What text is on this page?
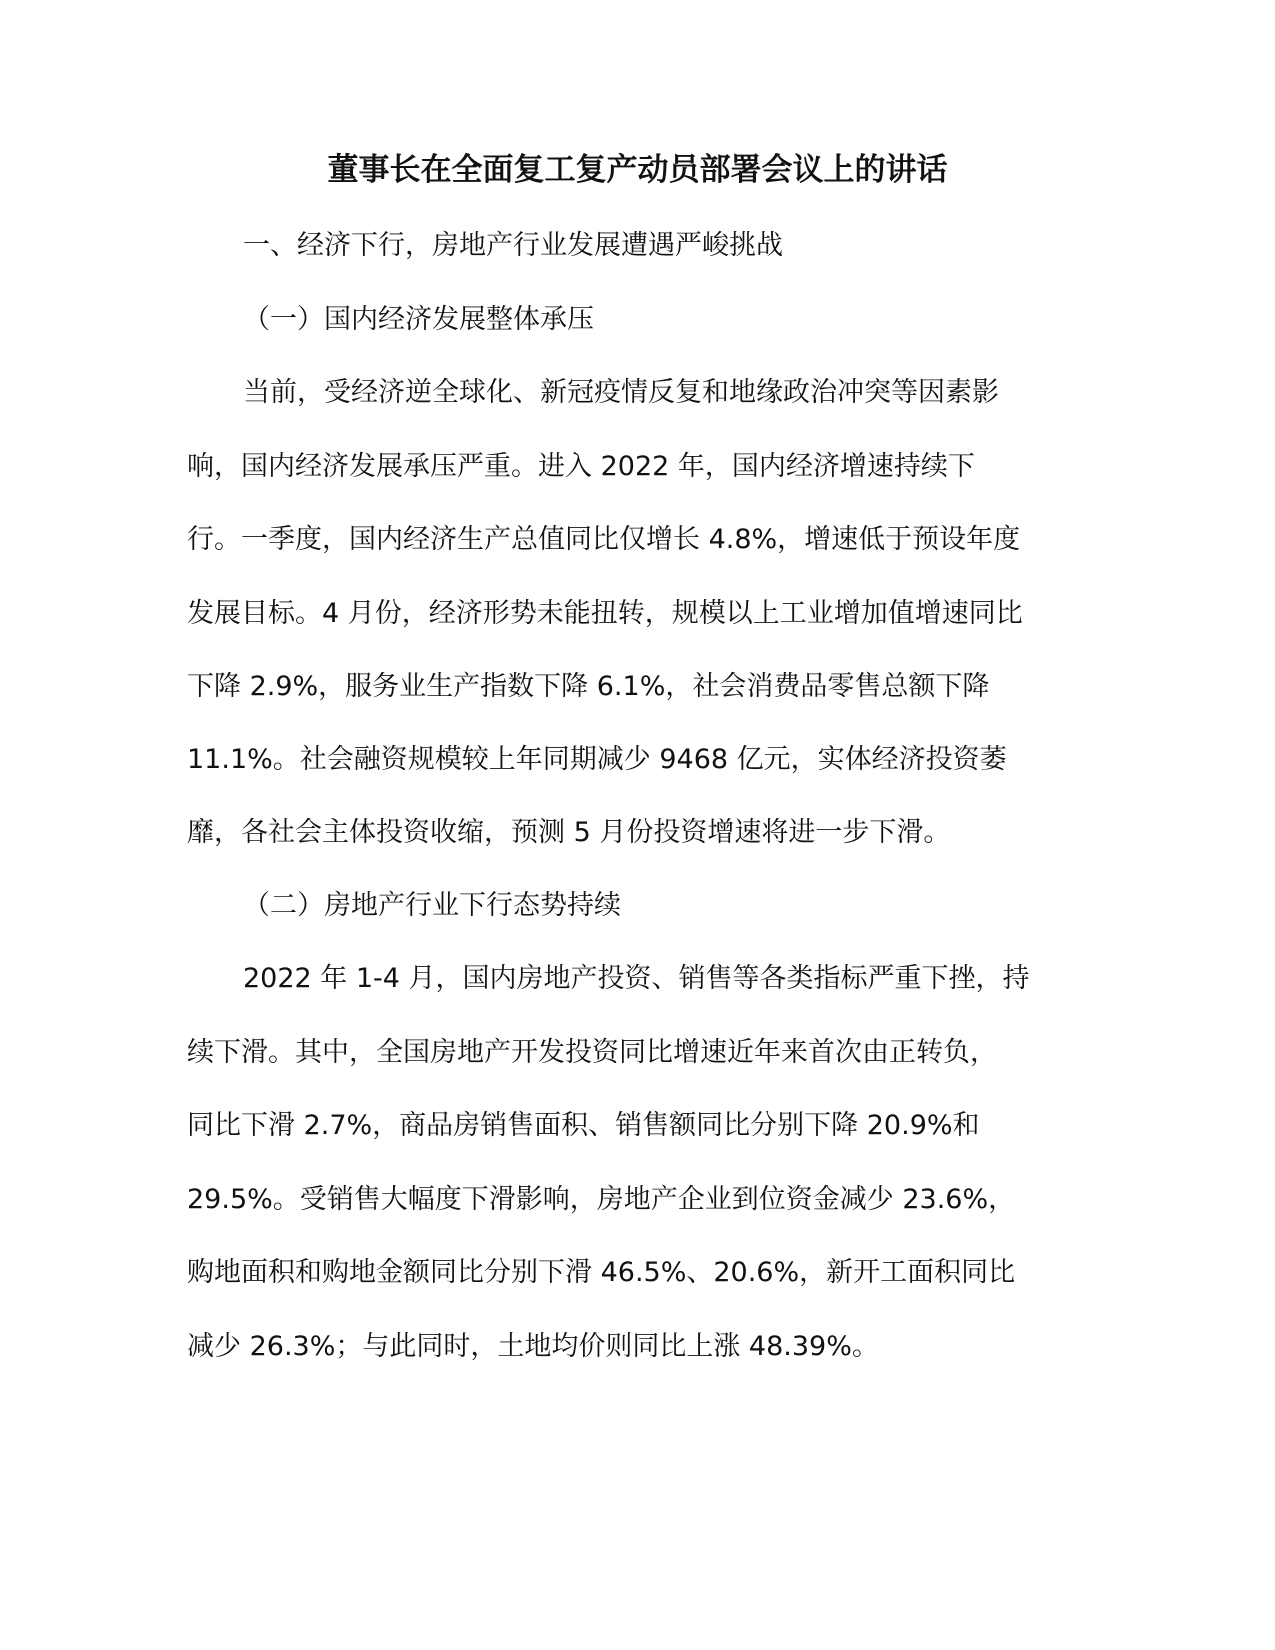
董事长在全面复工复产动员部署会议上的讲话
一、经济下行，房地产行业发展遭遇严峻挑战
（一）国内经济发展整体承压
当前，受经济逆全球化、新冠疫情反复和地缘政治冲突等因素影
响，国内经济发展承压严重。进入 2022 年，国内经济增速持续下
行。一季度，国内经济生产总值同比仅增长 4.8%，增速低于预设年度
发展目标。4 月份，经济形势未能扭转，规模以上工业增加值增速同比
下降 2.9%，服务业生产指数下降 6.1%，社会消费品零售总额下降
11.1%。社会融资规模较上年同期减少 9468 亿元，实体经济投资萎
靡，各社会主体投资收缩，预测 5 月份投资增速将进一步下滑。
（二）房地产行业下行态势持续
2022 年 1-4 月，国内房地产投资、销售等各类指标严重下挫，持
续下滑。其中，全国房地产开发投资同比增速近年来首次由正转负，
同比下滑 2.7%，商品房销售面积、销售额同比分别下降 20.9%和
29.5%。受销售大幅度下滑影响，房地产企业到位资金减少 23.6%，
购地面积和购地金额同比分别下滑 46.5%、20.6%，新开工面积同比
减少 26.3%；与此同时，土地均价则同比上涨 48.39%。
